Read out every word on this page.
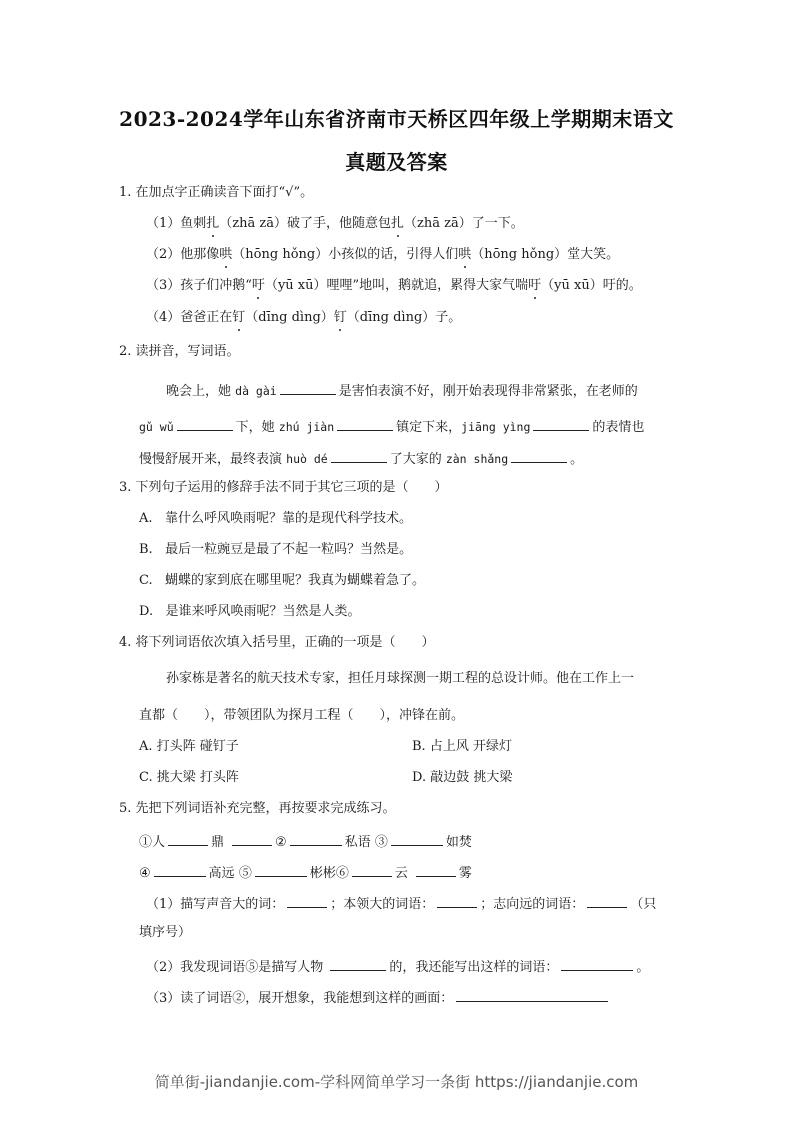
2023-2024学年山东省济南市天桥区四年级上学期期末语文
真题及答案
1. 在加点字正确读音下面打“√”。
（1）鱼刺扎（zhā zā）破了手，他随意包扎（zhā zā）了一下。
（2）他那像哄（hōng hǒng）小孩似的话，引得人们哄（hōng hǒng）堂大笑。
（3）孩子们冲鹅“吁（yū xū）哩哩”地叫，鹅就追，累得大家气喘吁（yū xū）吁的。
（4）爸爸正在钉（dīng dìng）钉（dīng dìng）子。
2. 读拼音，写词语。
晚会上，她 dà gài	是害怕表演不好，刚开始表现得非常紧张，在老师的
gǔ wǔ	下，她 zhú jiàn	镇定下来，jiāng yìng	的表情也
慢慢舒展开来，最终表演 huò dé	了大家的 zàn shǎng	。
3. 下列句子运用的修辞手法不同于其它三项的是（　　）
A. 靠什么呼风唤雨呢？靠的是现代科学技术。
B. 最后一粒豌豆是最了不起一粒吗？当然是。
C. 蝴蝶的家到底在哪里呢？我真为蝴蝶着急了。
D. 是谁来呼风唤雨呢？当然是人类。
4. 将下列词语依次填入括号里，正确的一项是（　　）
孙家栋是著名的航天技术专家，担任月球探测一期工程的总设计师。他在工作上一
直都（　　），带领团队为探月工程（　　），冲锋在前。
A. 打头阵 碰钉子	B. 占上风 开绿灯
C. 挑大梁 打头阵	D. 敲边鼓 挑大梁
5. 先把下列词语补充完整，再按要求完成练习。
①人	鼎	②	私语 ③	如焚
④	高远 ⑤	彬彬⑥	云	雾
（1）描写声音大的词：	；本领大的词语：	；志向远的词语：	（只
填序号）
（2）我发现词语⑤是描写人物	的，我还能写出这样的词语：	。
（3）读了词语②，展开想象，我能想到这样的画面：
简单街-jiandanjie.com-学科网简单学习一条街 https://jiandanjie.com
